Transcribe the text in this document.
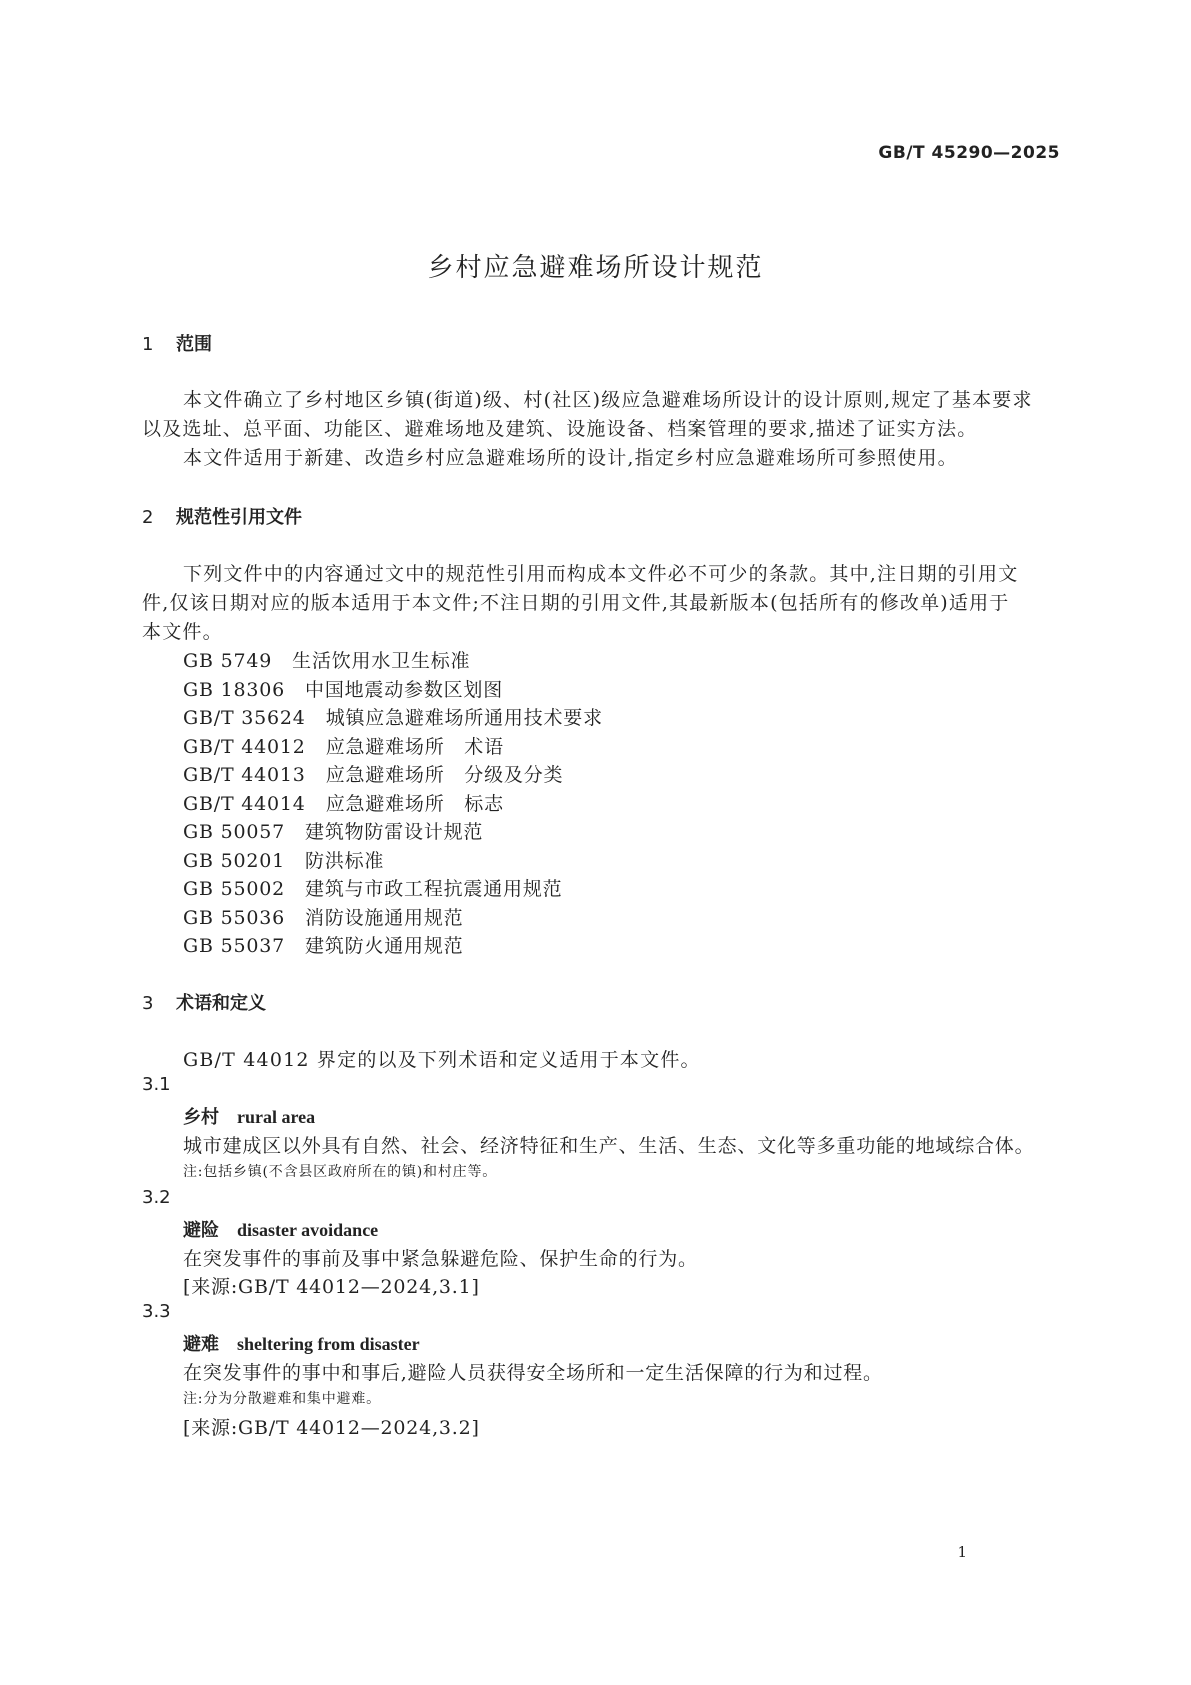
GB/T 45290—2025
乡村应急避难场所设计规范
1 范围
本文件确立了乡村地区乡镇(街道)级、村(社区)级应急避难场所设计的设计原则,规定了基本要求
以及选址、总平面、功能区、避难场地及建筑、设施设备、档案管理的要求,描述了证实方法。
本文件适用于新建、改造乡村应急避难场所的设计,指定乡村应急避难场所可参照使用。
2 规范性引用文件
下列文件中的内容通过文中的规范性引用而构成本文件必不可少的条款。其中,注日期的引用文
件,仅该日期对应的版本适用于本文件;不注日期的引用文件,其最新版本(包括所有的修改单)适用于
本文件。
GB 5749 生活饮用水卫生标准
GB 18306 中国地震动参数区划图
GB/T 35624 城镇应急避难场所通用技术要求
GB/T 44012 应急避难场所　术语
GB/T 44013 应急避难场所　分级及分类
GB/T 44014 应急避难场所　标志
GB 50057 建筑物防雷设计规范
GB 50201 防洪标准
GB 55002 建筑与市政工程抗震通用规范
GB 55036 消防设施通用规范
GB 55037 建筑防火通用规范
3 术语和定义
GB/T 44012 界定的以及下列术语和定义适用于本文件。
3.1
乡村 rural area
城市建成区以外具有自然、社会、经济特征和生产、生活、生态、文化等多重功能的地域综合体。
注:包括乡镇(不含县区政府所在的镇)和村庄等。
3.2
避险 disaster avoidance
在突发事件的事前及事中紧急躲避危险、保护生命的行为。
[来源:GB/T 44012—2024,3.1]
3.3
避难 sheltering from disaster
在突发事件的事中和事后,避险人员获得安全场所和一定生活保障的行为和过程。
注:分为分散避难和集中避难。
[来源:GB/T 44012—2024,3.2]
1
